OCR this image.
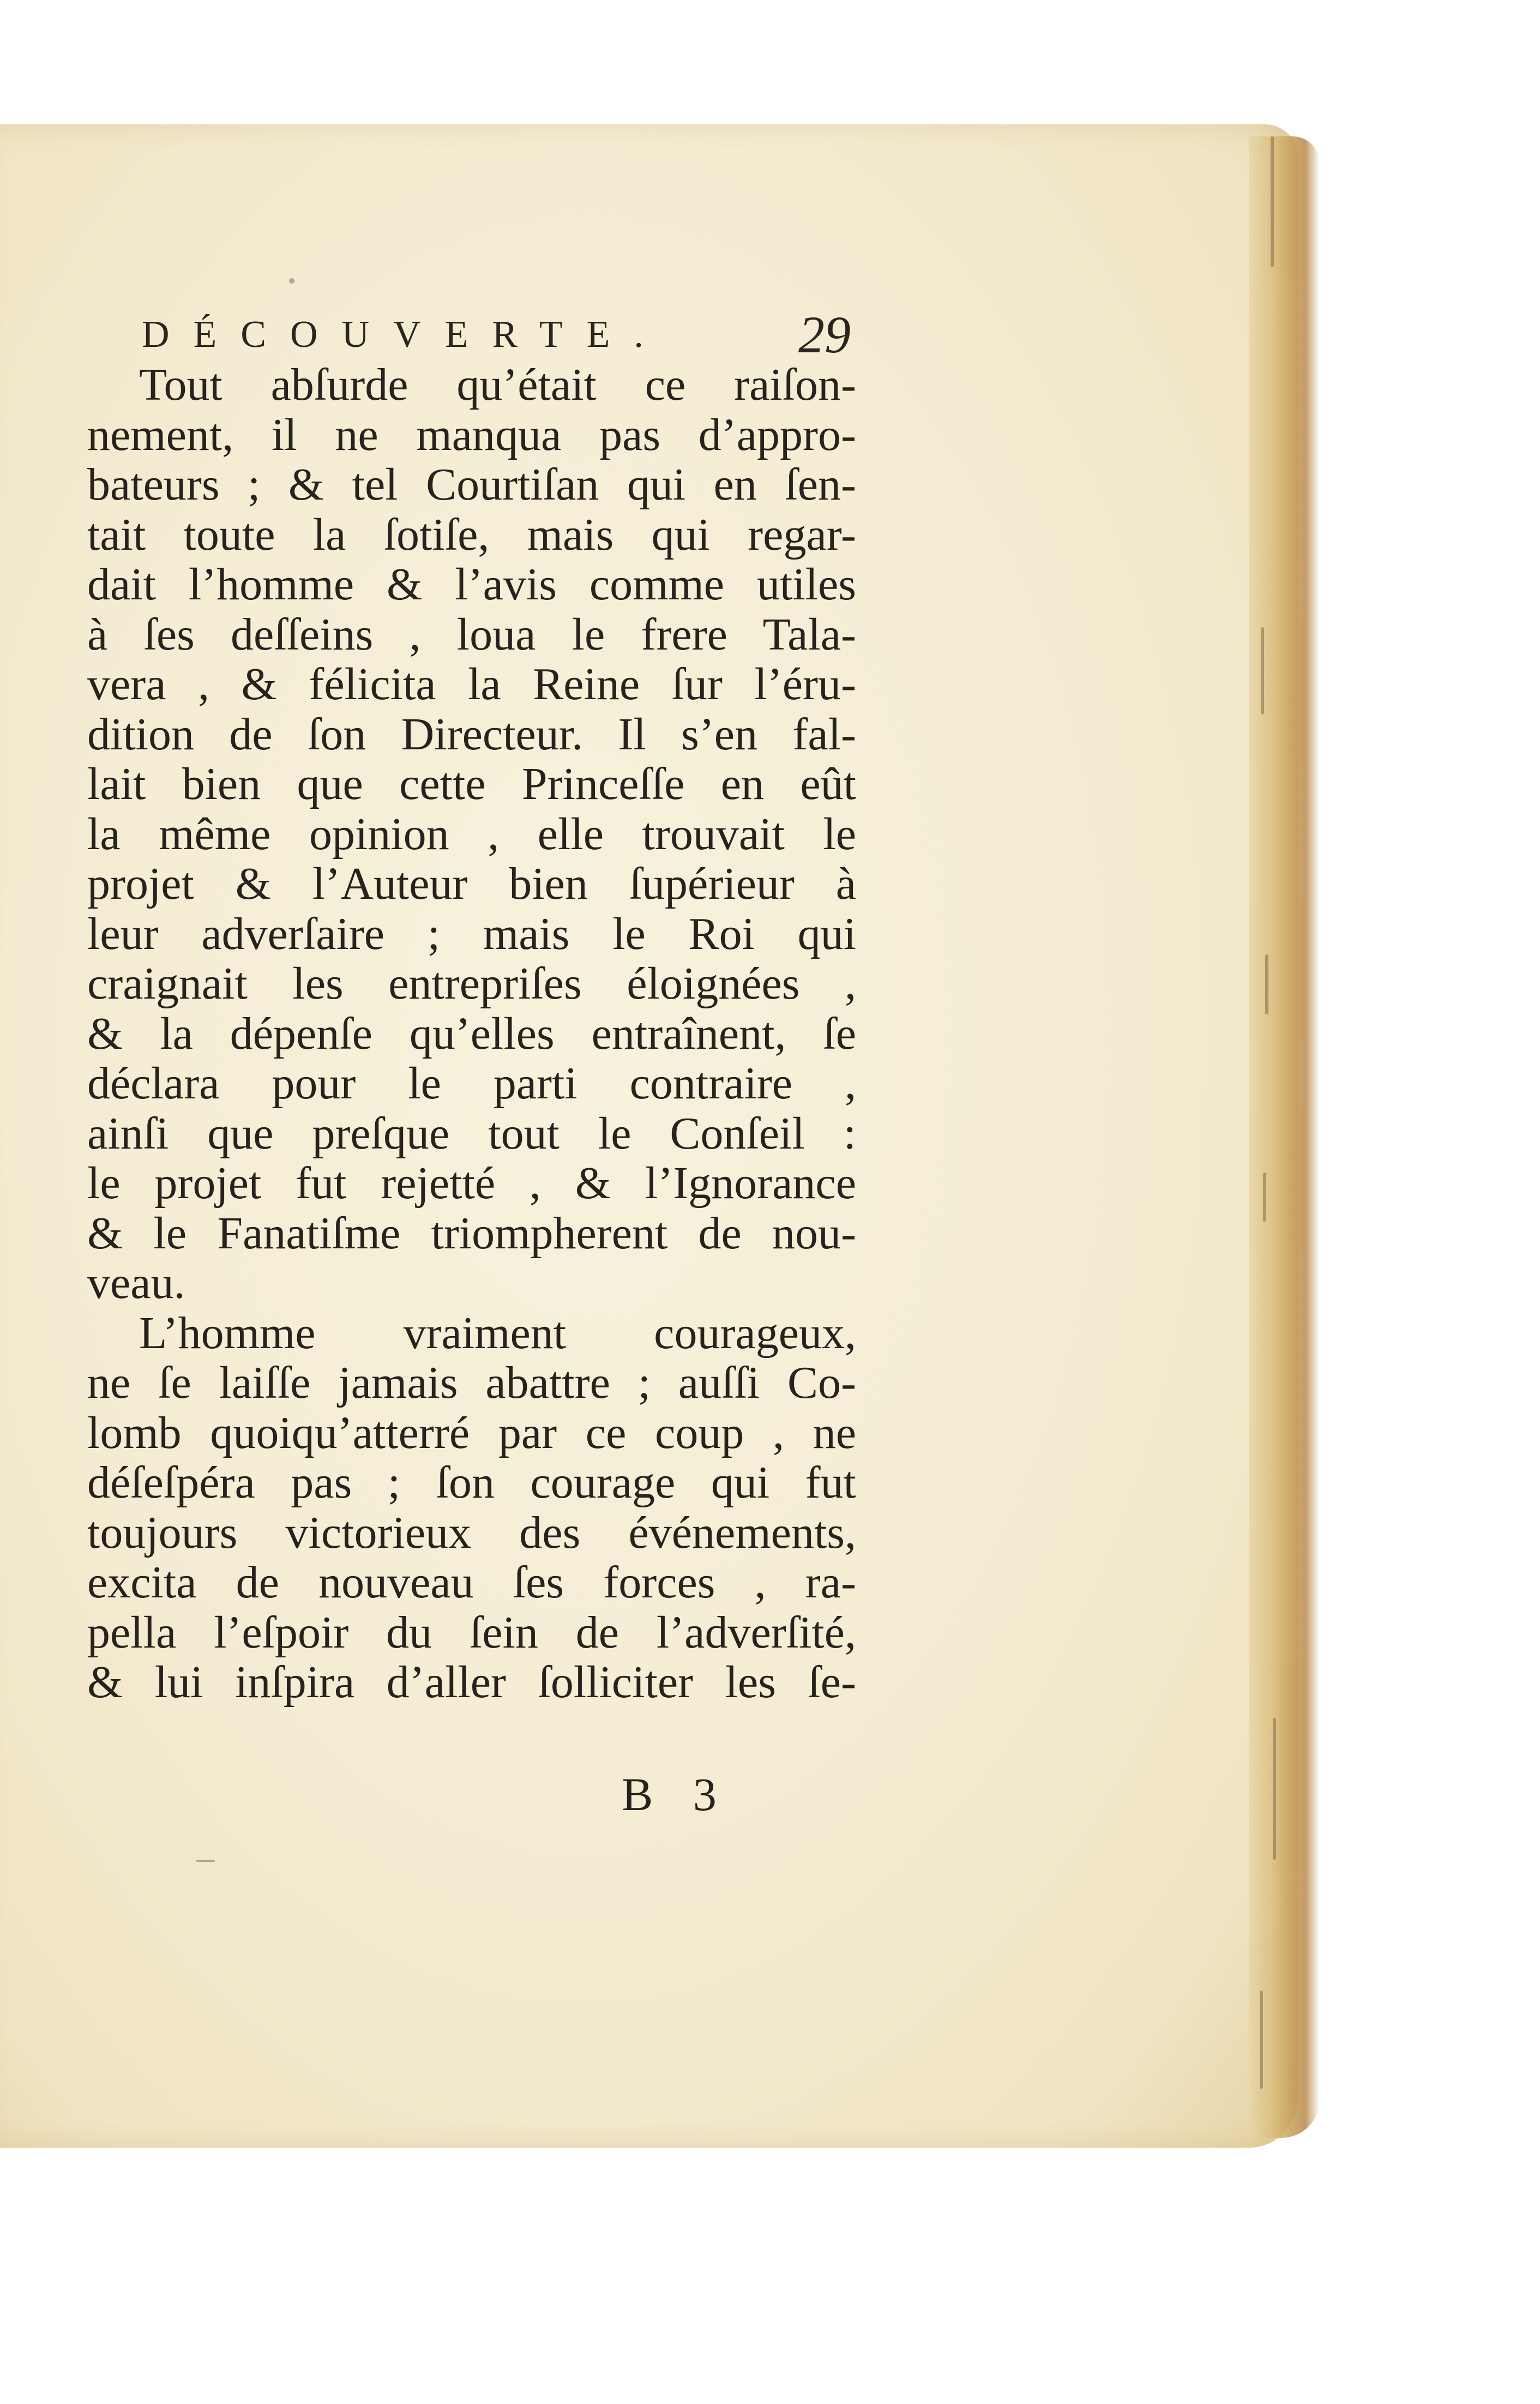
DÉCOUVERTE.	29
Tout abſurde qu’était ce raiſon-
nement, il ne manqua pas d’appro-
bateurs ; & tel Courtiſan qui en ſen-
tait toute la ſotiſe, mais qui regar-
dait l’homme & l’avis comme utiles
à ſes deſſeins , loua le frere Tala-
vera , & félicita la Reine ſur l’éru-
dition de ſon Directeur. Il s’en fal-
lait bien que cette Princeſſe en eût
la même opinion , elle trouvait le
projet & l’Auteur bien ſupérieur à
leur adverſaire ; mais le Roi qui
craignait les entrepriſes éloignées ,
& la dépenſe qu’elles entraînent, ſe
déclara pour le parti contraire ,
ainſi que preſque tout le Conſeil :
le projet fut rejetté , & l’Ignorance
& le Fanatiſme triompherent de nou-
veau.
L’homme vraiment courageux,
ne ſe laiſſe jamais abattre ; auſſi Co-
lomb quoiqu’atterré par ce coup , ne
déſeſpéra pas ; ſon courage qui fut
toujours victorieux des événements,
excita de nouveau ſes forces , ra-
pella l’eſpoir du ſein de l’adverſité,
& lui inſpira d’aller ſolliciter les ſe-
B 3
